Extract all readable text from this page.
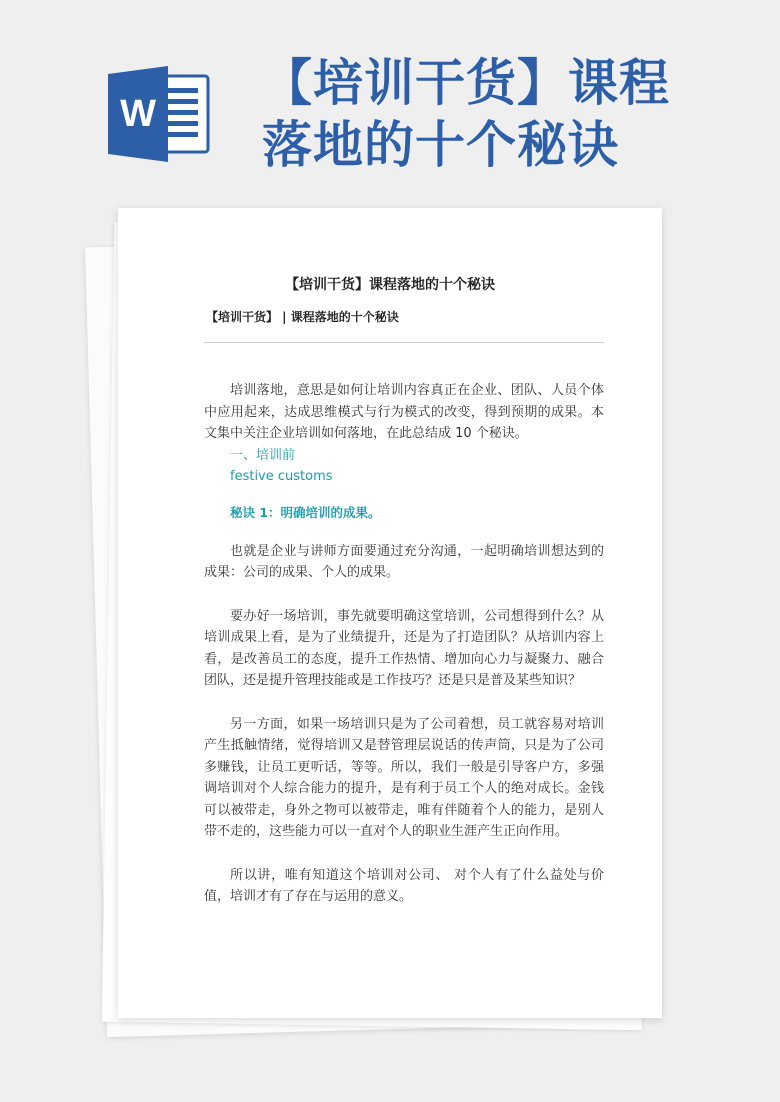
W
【培训干货】课程
落地的十个秘诀
【培训干货】课程落地的十个秘诀
【培训干货】 | 课程落地的十个秘诀

培训落地，意思是如何让培训内容真正在企业、团队、人员个体中应用起来，达成思维模式与行为模式的改变，得到预期的成果。本文集中关注企业培训如何落地，在此总结成 10 个秘诀。

一、培训前
festive customs
秘诀 1：明确培训的成果。

也就是企业与讲师方面要通过充分沟通，一起明确培训想达到的成果：公司的成果、个人的成果。

要办好一场培训，事先就要明确这堂培训，公司想得到什么？从培训成果上看，是为了业绩提升，还是为了打造团队？从培训内容上看，是改善员工的态度，提升工作热情、增加向心力与凝聚力、融合团队，还是提升管理技能或是工作技巧？还是只是普及某些知识？

另一方面，如果一场培训只是为了公司着想，员工就容易对培训产生抵触情绪，觉得培训又是替管理层说话的传声筒，只是为了公司多赚钱，让员工更听话，等等。所以，我们一般是引导客户方，多强调培训对个人综合能力的提升，是有利于员工个人的绝对成长。金钱可以被带走，身外之物可以被带走，唯有伴随着个人的能力，是别人带不走的，这些能力可以一直对个人的职业生涯产生正向作用。

所以讲，唯有知道这个培训对公司、 对个人有了什么益处与价值，培训才有了存在与运用的意义。
